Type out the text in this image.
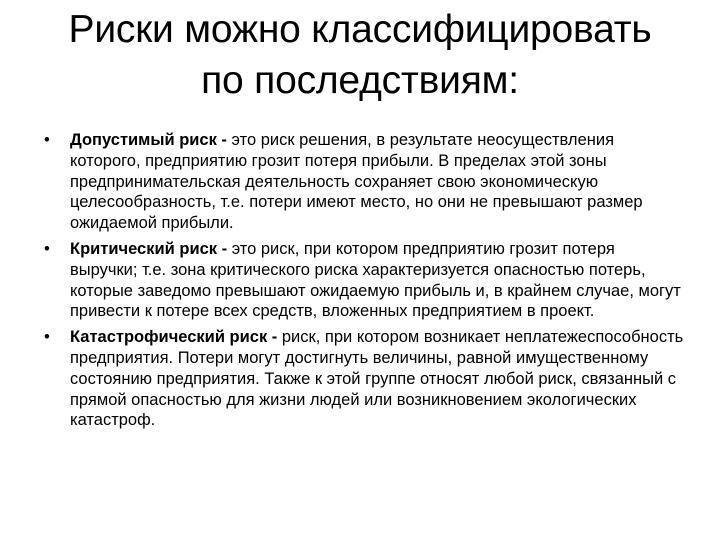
Риски можно классифицировать
по последствиям:
• Допустимый риск - это риск решения, в результате неосуществления которого, предприятию грозит потеря прибыли. В пределах этой зоны предпринимательская деятельность сохраняет свою экономическую целесообразность, т.е. потери имеют место, но они не превышают размер ожидаемой прибыли.
• Критический риск - это риск, при котором предприятию грозит потеря выручки; т.е. зона критического риска характеризуется опасностью потерь, которые заведомо превышают ожидаемую прибыль и, в крайнем случае, могут привести к потере всех средств, вложенных предприятием в проект.
• Катастрофический риск - риск, при котором возникает неплатежеспособность предприятия. Потери могут достигнуть величины, равной имущественному состоянию предприятия. Также к этой группе относят любой риск, связанный с прямой опасностью для жизни людей или возникновением экологических катастроф.
